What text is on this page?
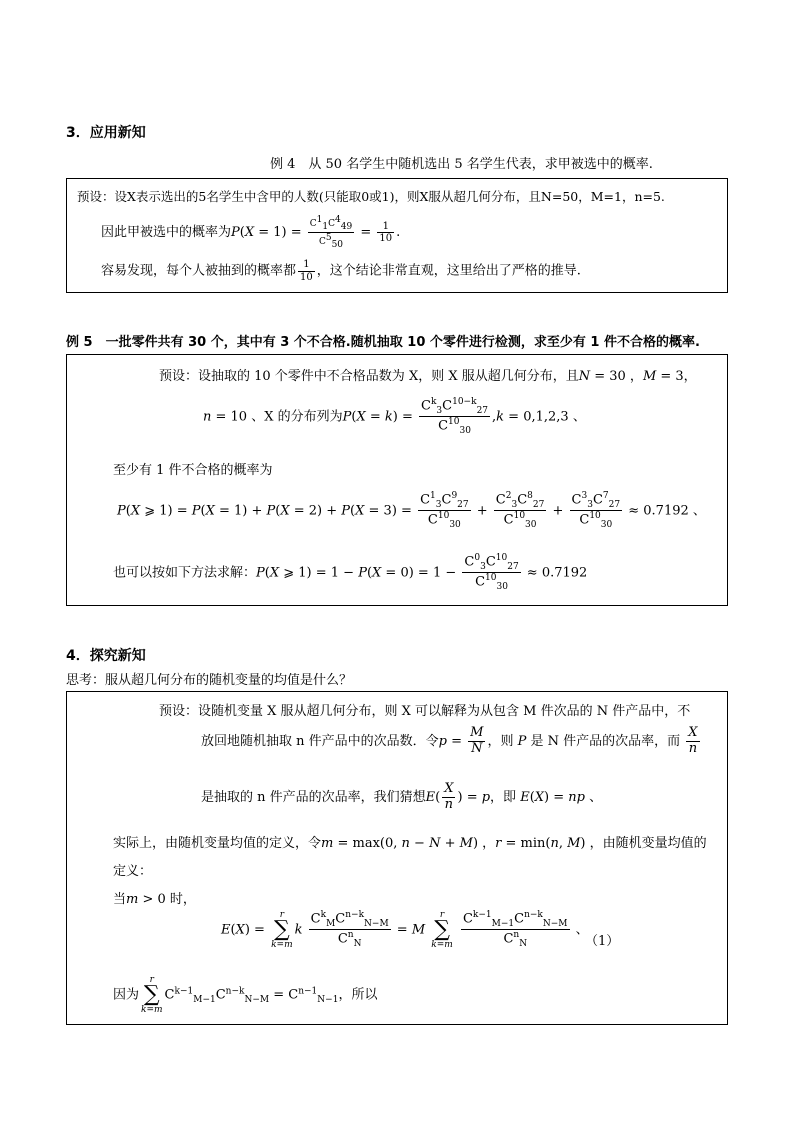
3．应用新知
例 4　从 50 名学生中随机选出 5 名学生代表，求甲被选中的概率.
预设：设X表示选出的5名学生中含甲的人数(只能取0或1)，则X服从超几何分布，且N=50，M=1，n=5.
因此甲被选中的概率为$P(X = 1) = \frac{C^1_1C^4_{49}}{C^5_{50}} = \frac{1}{10}$ .
容易发现，每个人被抽到的概率都 $\frac{1}{10}$ ，这个结论非常直观，这里给出了严格的推导.
例 5　一批零件共有 30 个，其中有 3 个不合格.随机抽取 10 个零件进行检测，求至少有 1 件不合格的概率.
预设：设抽取的 10 个零件中不合格品数为 X，则 X 服从超几何分布，且N = 30 ，M = 3，
n = 10 、X 的分布列为$P(X = k) = \frac{C^k_3C^{10-k}_{27}}{C^{10}_{30}} ,k = 0,1,2,3$ 、
至少有 1 件不合格的概率为
P(X ⩾ $1) = P(X = 1) + P(X = 2) + P(X = 3) = \frac{C^1_3C^9_{27}}{C^{10}_{30}} + \frac{C^2_3C^8_{27}}{C^{10}_{30}} + \frac{C^3_3C^7_{27}}{C^{10}_{30}} \approx 0.7192$ 、
也可以按如下方法求解：P(X ⩾ $1) = 1 - P(X = 0) = 1 - \frac{C^0_3C^{10}_{27}}{C^{10}_{30}} \approx 0.7192$
4．探究新知
思考：服从超几何分布的随机变量的均值是什么？
预设：设随机变量 X 服从超几何分布，则 X 可以解释为从包含 M 件次品的 N 件产品中，不
放回地随机抽取 n 件产品中的次品数．令$p = \frac{M}{N}$ ，则 P 是 N 件产品的次品率，而 $\frac{X}{n}$
是抽取的 n 件产品的次品率，我们猜想$E( \frac{X}{n}$ ) = p，即 E(X) = np 、
实际上，由随机变量均值的定义，令m = max(0, n − N + M) ，r = min(n, M) ，由随机变量均值的
定义：
当m > 0 时，
E(X) =
r
∑
k=m
k $\frac{C^k_MC^{n-k}_{N-M}}{C^n_N} = M$
r
∑
k=m
$\frac{C^{k-1}_{M-1}C^{n-k}_{N-M}}{C^n_N}$ 、
（1）
因为
r
∑
k=m
$C^{k-1}_{M-1}C^{n-k}_{N-M} = C^{n-1}_{N-1}$，所以
